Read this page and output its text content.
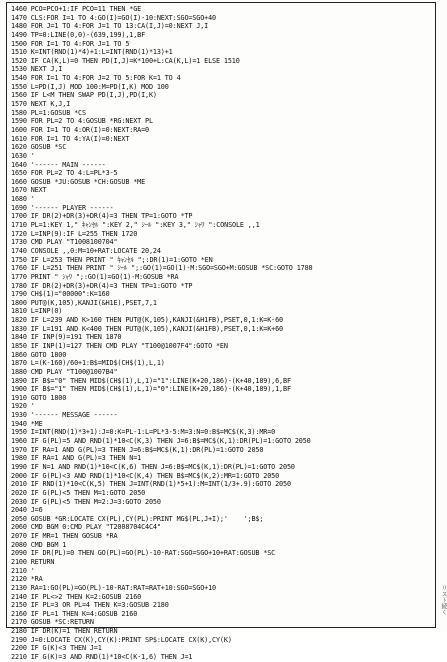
1460 PCO=PCO+1:IF PCO=11 THEN *GE
1470 CLS:FOR I=1 TO 4:GO(I)=GO(I)-10:NEXT:SGO=SGO+40
1480 FOR J=1 TO 4:FOR J=1 TO 13:CA(I,J)=0:NEXT J,I
1490 TP=0:LINE(0,0)-(639,199),1,BF
1500 FOR I=1 TO 4:FOR J=1 TO 5
1510 K=INT(RND(1)*4)+1:L=INT(RND(1)*13)+1
1520 IF CA(K,L)=0 THEN PD(I,J)=K*100+L:CA(K,L)=1 ELSE 1510
1530 NEXT J,I
1540 FOR I=1 TO 4:FOR J=2 TO 5:FOR K=1 TO 4
1550 L=PD(I,J) MOD 100:M=PD(I,K) MOD 100
1560 IF L<M THEN SWAP PD(I,J),PD(I,K)
1570 NEXT K,J,I
1580 PL=1:GOSUB *CS
1590 FOR PL=2 TO 4:GOSUB *RG:NEXT PL
1600 FOR I=1 TO 4:OR(I)=0:NEXT:RA=0
1610 FOR I=1 TO 4:YA(I)=0:NEXT
1620 GOSUB *SC
1630 '
1640 '------ MAIN ------
1650 FOR PL=2 TO 4:L=PL*3-5
1660 GOSUB *JU:GOSUB *CH:GOSUB *ME
1670 NEXT
1680 '
1690 '------ PLAYER ------
1700 IF DR(2)+DR(3)+DR(4)=3 THEN TP=1:GOTO *TP
1710 PL=1:KEY 1," ｷｬﾝｾﾙ ":KEY 2," ｼｰﾙ ":KEY 3," ｼｬﾜ ":CONSOLE ,,1
1720 L=INP(9):IF L=255 THEN 1720
1730 CMD PLAY "T1008100704"
1740 CONSOLE ,,0:M=10+RAT:LOCATE 20,24
1750 IF L=253 THEN PRINT " ｷｬﾝｾﾙ ";:DR(1)=1:GOTO *EN
1760 IF L=251 THEN PRINT " ｼｰﾙ ";:GO(1)=GO(1)-M:SGO=SGO+M:GOSUB *SC:GOTO 1780
1770 PRINT " ｼｬﾜ ";:GO(1)=GO(1)-M:GOSUB *RA
1780 IF DR(2)+DR(3)+DR(4)=3 THEN TP=1:GOTO *TP
1790 CH$(1)="00000":K=160
1800 PUT@(K,105),KANJI(&H1E),PSET,7,1
1810 L=INP(0)
1820 IF L=239 AND K>160 THEN PUT@(K,105),KANJI(&H1FB),PSET,0,1:K=K-60
1830 IF L=191 AND K<400 THEN PUT@(K,105),KANJI(&H1FB),PSET,0,1:K=K+60
1840 IF INP(9)=191 THEN 1870
1850 IF INP(1)=127 THEN CMD PLAY "T100@1007F4":GOTO *EN
1860 GOTO 1800
1870 L=(K-160)/60+1:B$=MID$(CH$(1),L,1)
1880 CMD PLAY "T100@1007B4"
1890 IF B$="0" THEN MID$(CH$(1),L,1)="1":LINE(K+20,186)-(K+40,189),6,BF
1900 IF B$="1" THEN MID$(CH$(1),L,1)="0":LINE(K+20,186)-(K+40,189),1,BF
1910 GOTO 1800
1920 '
1930 '------ MESSAGE ------
1940 *ME
1950 I=INT(RND(1)*3+1):J=0:K=PL-1:L=PL*3-5:M=3:N=0:B$=MC$(K,3):MR=0
1960 IF G(PL)=5 AND RND(1)*10<C(K,3) THEN J=6:B$=MC$(K,1):DR(PL)=1:GOTO 2050
1970 IF RA=1 AND G(PL)=3 THEN J=6:B$=MC$(K,1):DR(PL)=1:GOTO 2050
1980 IF RA=1 AND G(PL)=3 THEN N=1
1990 IF N=1 AND RND(1)*10<C(K,6) THEN J=6:B$=MC$(K,1):DR(PL)=1:GOTO 2050
2000 IF G(PL)<3 AND RND(1)*10<C(K,4) THEN B$=MC$(K,2):MR=1:GOTO 2050
2010 IF RND(1)*10<C(K,5) THEN J=INT(RND(1)*5+1):M=INT(1/3+.9):GOTO 2050
2020 IF G(PL)<5 THEN M=1:GOTO 2050
2030 IF G(PL)<5 THEN M=2:J=3:GOTO 2050
2040 J=6
2050 GOSUB *GR:LOCATE CX(PL),CY(PL):PRINT MG$(PL,J+I);'    ';B$;
2060 CMD BGM 0:CMD PLAY "T2008704C4C4"
2070 IF MR=1 THEN GOSUB *RA
2080 CMD BGM 1
2090 IF DR(PL)=0 THEN GO(PL)=GO(PL)-10-RAT:SGO=SGO+10+RAT:GOSUB *SC
2100 RETURN
2110 '
2120 *RA
2130 RA=1:GO(PL)=GO(PL)-10-RAT:RAT=RAT+10:SGO=SGO+10
2140 IF PL<>2 THEN K=2:GOSUB 2160
2150 IF PL=3 OR PL=4 THEN K=3:GOSUB 2180
2160 IF PL=1 THEN K=4:GOSUB 2160
2170 GOSUB *SC:RETURN
2180 IF DR(K)=1 THEN RETURN
2190 J=0:LOCATE CX(K),CY(K):PRINT SP$:LOCATE CX(K),CY(K)
2200 IF G(K)<3 THEN J=1
2210 IF G(K)=3 AND RND(1)*10<C(K-1,6) THEN J=1
リスト続く
